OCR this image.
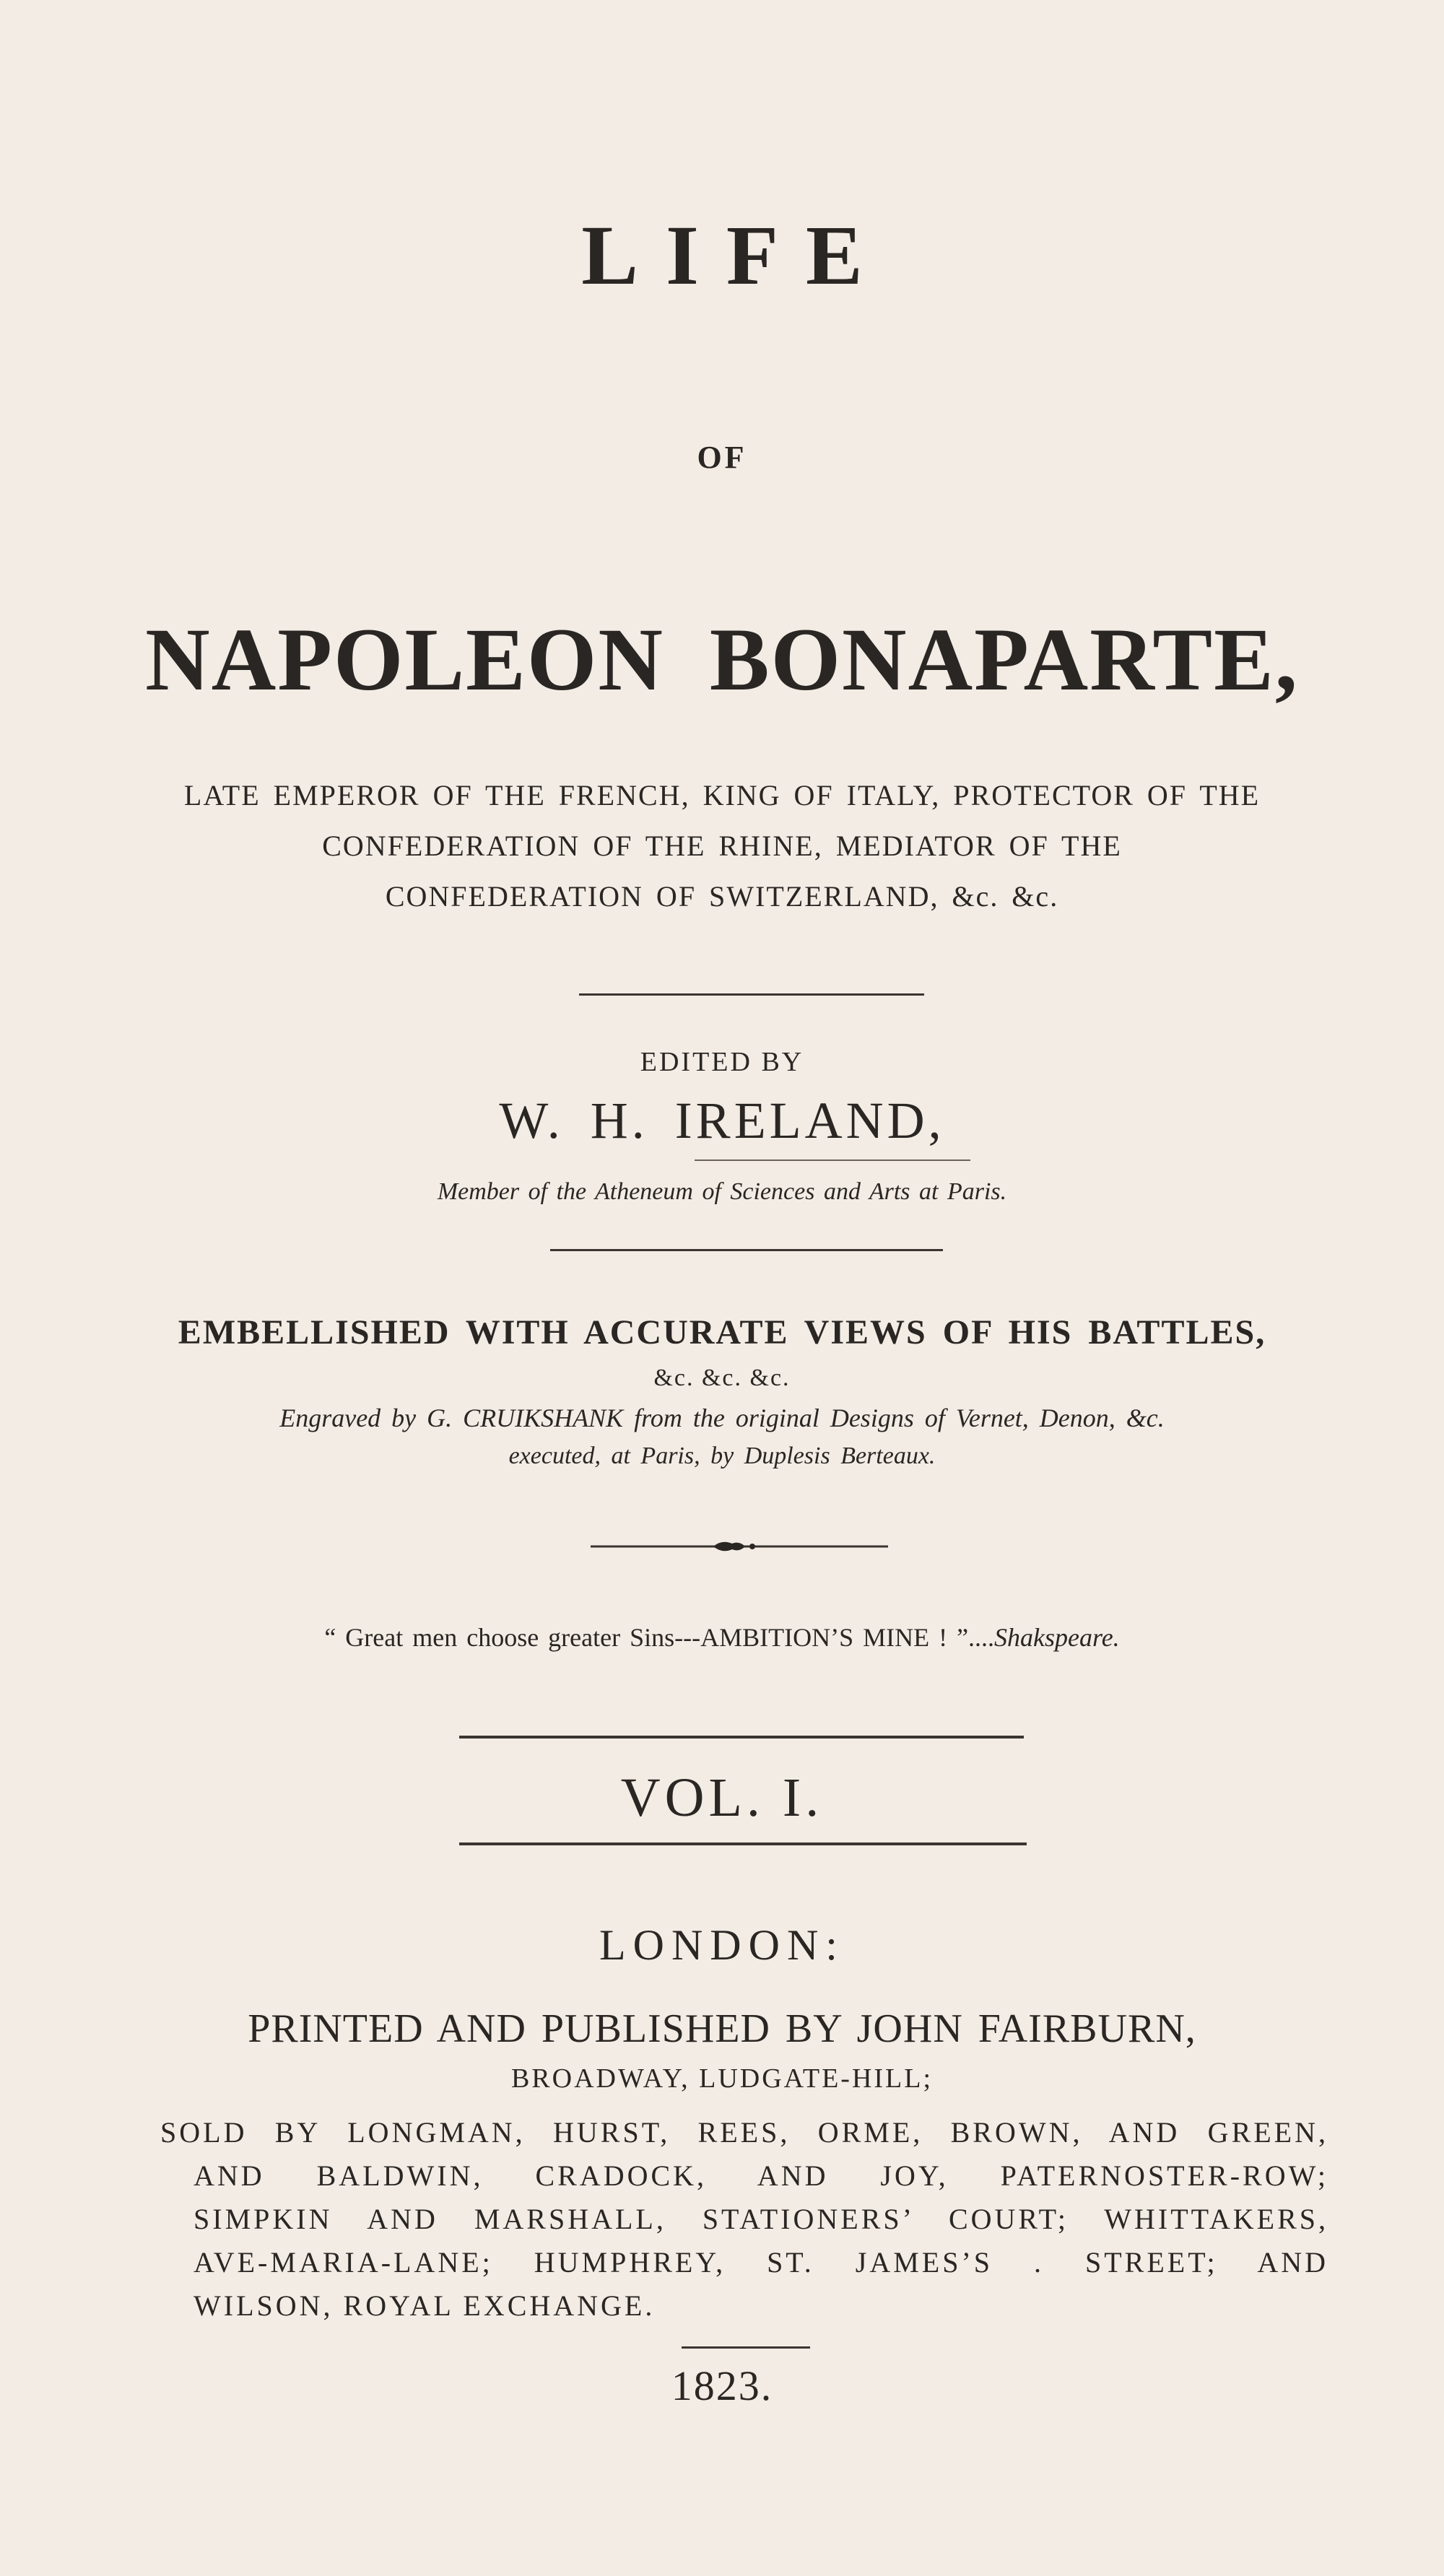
LIFE
OF
NAPOLEON BONAPARTE,
LATE EMPEROR OF THE FRENCH, KING OF ITALY, PROTECTOR OF THE
CONFEDERATION OF THE RHINE, MEDIATOR OF THE
CONFEDERATION OF SWITZERLAND, &c. &c.
EDITED BY
W. H. IRELAND,
Member of the Atheneum of Sciences and Arts at Paris.
EMBELLISHED WITH ACCURATE VIEWS OF HIS BATTLES,
&c. &c. &c.
Engraved by G. CRUIKSHANK from the original Designs of Vernet, Denon, &c.
executed, at Paris, by Duplesis Berteaux.
“ Great men choose greater Sins---AMBITION’S MINE ! ”....Shakspeare.
VOL. I.
LONDON:
PRINTED AND PUBLISHED BY JOHN FAIRBURN,
BROADWAY, LUDGATE-HILL;
SOLD BY LONGMAN, HURST, REES, ORME, BROWN, AND GREEN,
AND BALDWIN, CRADOCK, AND JOY, PATERNOSTER-ROW;
SIMPKIN AND MARSHALL, STATIONERS’ COURT; WHITTAKERS,
AVE-MARIA-LANE; HUMPHREY, ST. JAMES’S . STREET; AND
WILSON, ROYAL EXCHANGE.
1823.
